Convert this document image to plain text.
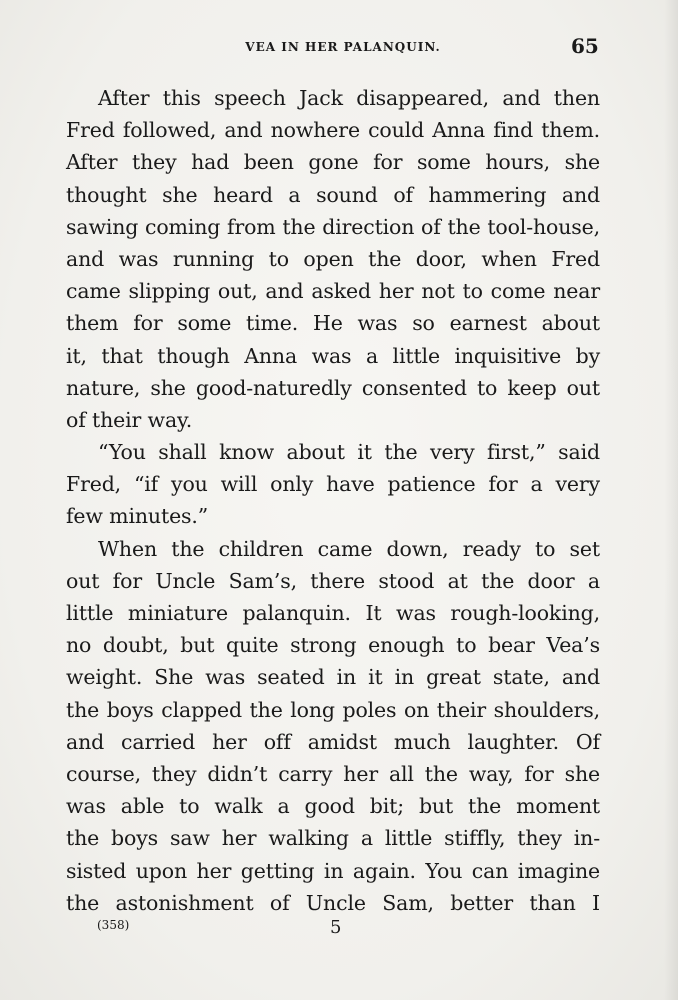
VEA IN HER PALANQUIN.	65
After this speech Jack disappeared, and then
Fred followed, and nowhere could Anna find them.
After they had been gone for some hours, she
thought she heard a sound of hammering and
sawing coming from the direction of the tool-house,
and was running to open the door, when Fred
came slipping out, and asked her not to come near
them for some time. He was so earnest about
it, that though Anna was a little inquisitive by
nature, she good-naturedly consented to keep out
of their way.
“You shall know about it the very first,” said
Fred, “if you will only have patience for a very
few minutes.”
When the children came down, ready to set
out for Uncle Sam’s, there stood at the door a
little miniature palanquin. It was rough-looking,
no doubt, but quite strong enough to bear Vea’s
weight. She was seated in it in great state, and
the boys clapped the long poles on their shoulders,
and carried her off amidst much laughter. Of
course, they didn’t carry her all the way, for she
was able to walk a good bit; but the moment
the boys saw her walking a little stiffly, they in-
sisted upon her getting in again. You can imagine
the astonishment of Uncle Sam, better than I
(358)	5
